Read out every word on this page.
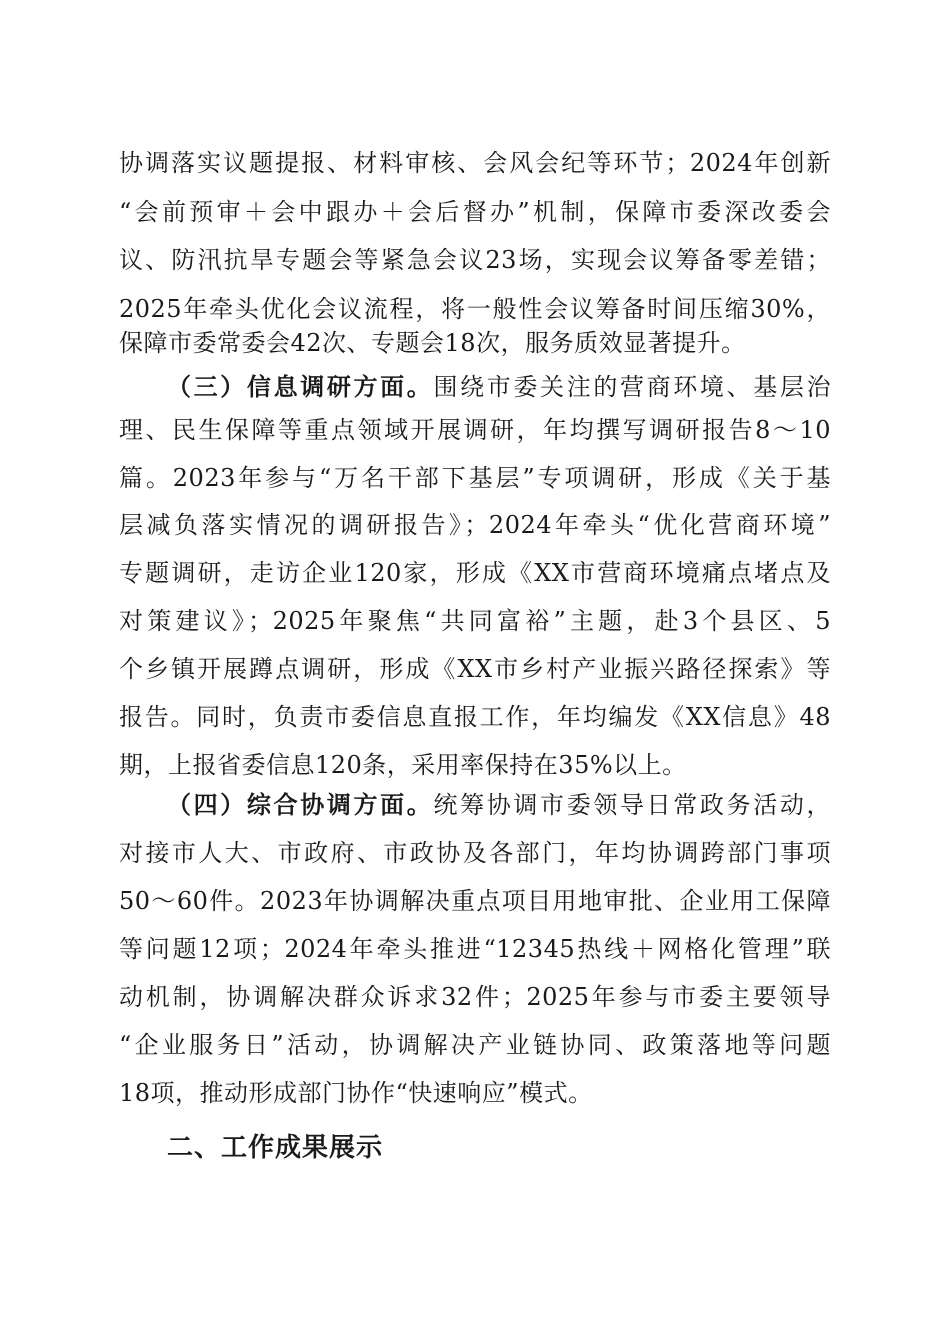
协调落实议题提报、材料审核、会风会纪等环节；2024年创新
“会前预审＋会中跟办＋会后督办”机制，保障市委深改委会
议、防汛抗旱专题会等紧急会议23场，实现会议筹备零差错；
2025年牵头优化会议流程，将一般性会议筹备时间压缩30%，
保障市委常委会42次、专题会18次，服务质效显著提升。
（三）信息调研方面。围绕市委关注的营商环境、基层治
理、民生保障等重点领域开展调研，年均撰写调研报告8～10
篇。2023年参与“万名干部下基层”专项调研，形成《关于基
层减负落实情况的调研报告》；2024年牵头“优化营商环境”
专题调研，走访企业120家，形成《XX市营商环境痛点堵点及
对策建议》；2025年聚焦“共同富裕”主题，赴3个县区、5
个乡镇开展蹲点调研，形成《XX市乡村产业振兴路径探索》等
报告。同时，负责市委信息直报工作，年均编发《XX信息》48
期，上报省委信息120条，采用率保持在35%以上。
（四）综合协调方面。统筹协调市委领导日常政务活动，
对接市人大、市政府、市政协及各部门，年均协调跨部门事项
50～60件。2023年协调解决重点项目用地审批、企业用工保障
等问题12项；2024年牵头推进“12345热线＋网格化管理”联
动机制，协调解决群众诉求32件；2025年参与市委主要领导
“企业服务日”活动，协调解决产业链协同、政策落地等问题
18项，推动形成部门协作“快速响应”模式。
二、工作成果展示
